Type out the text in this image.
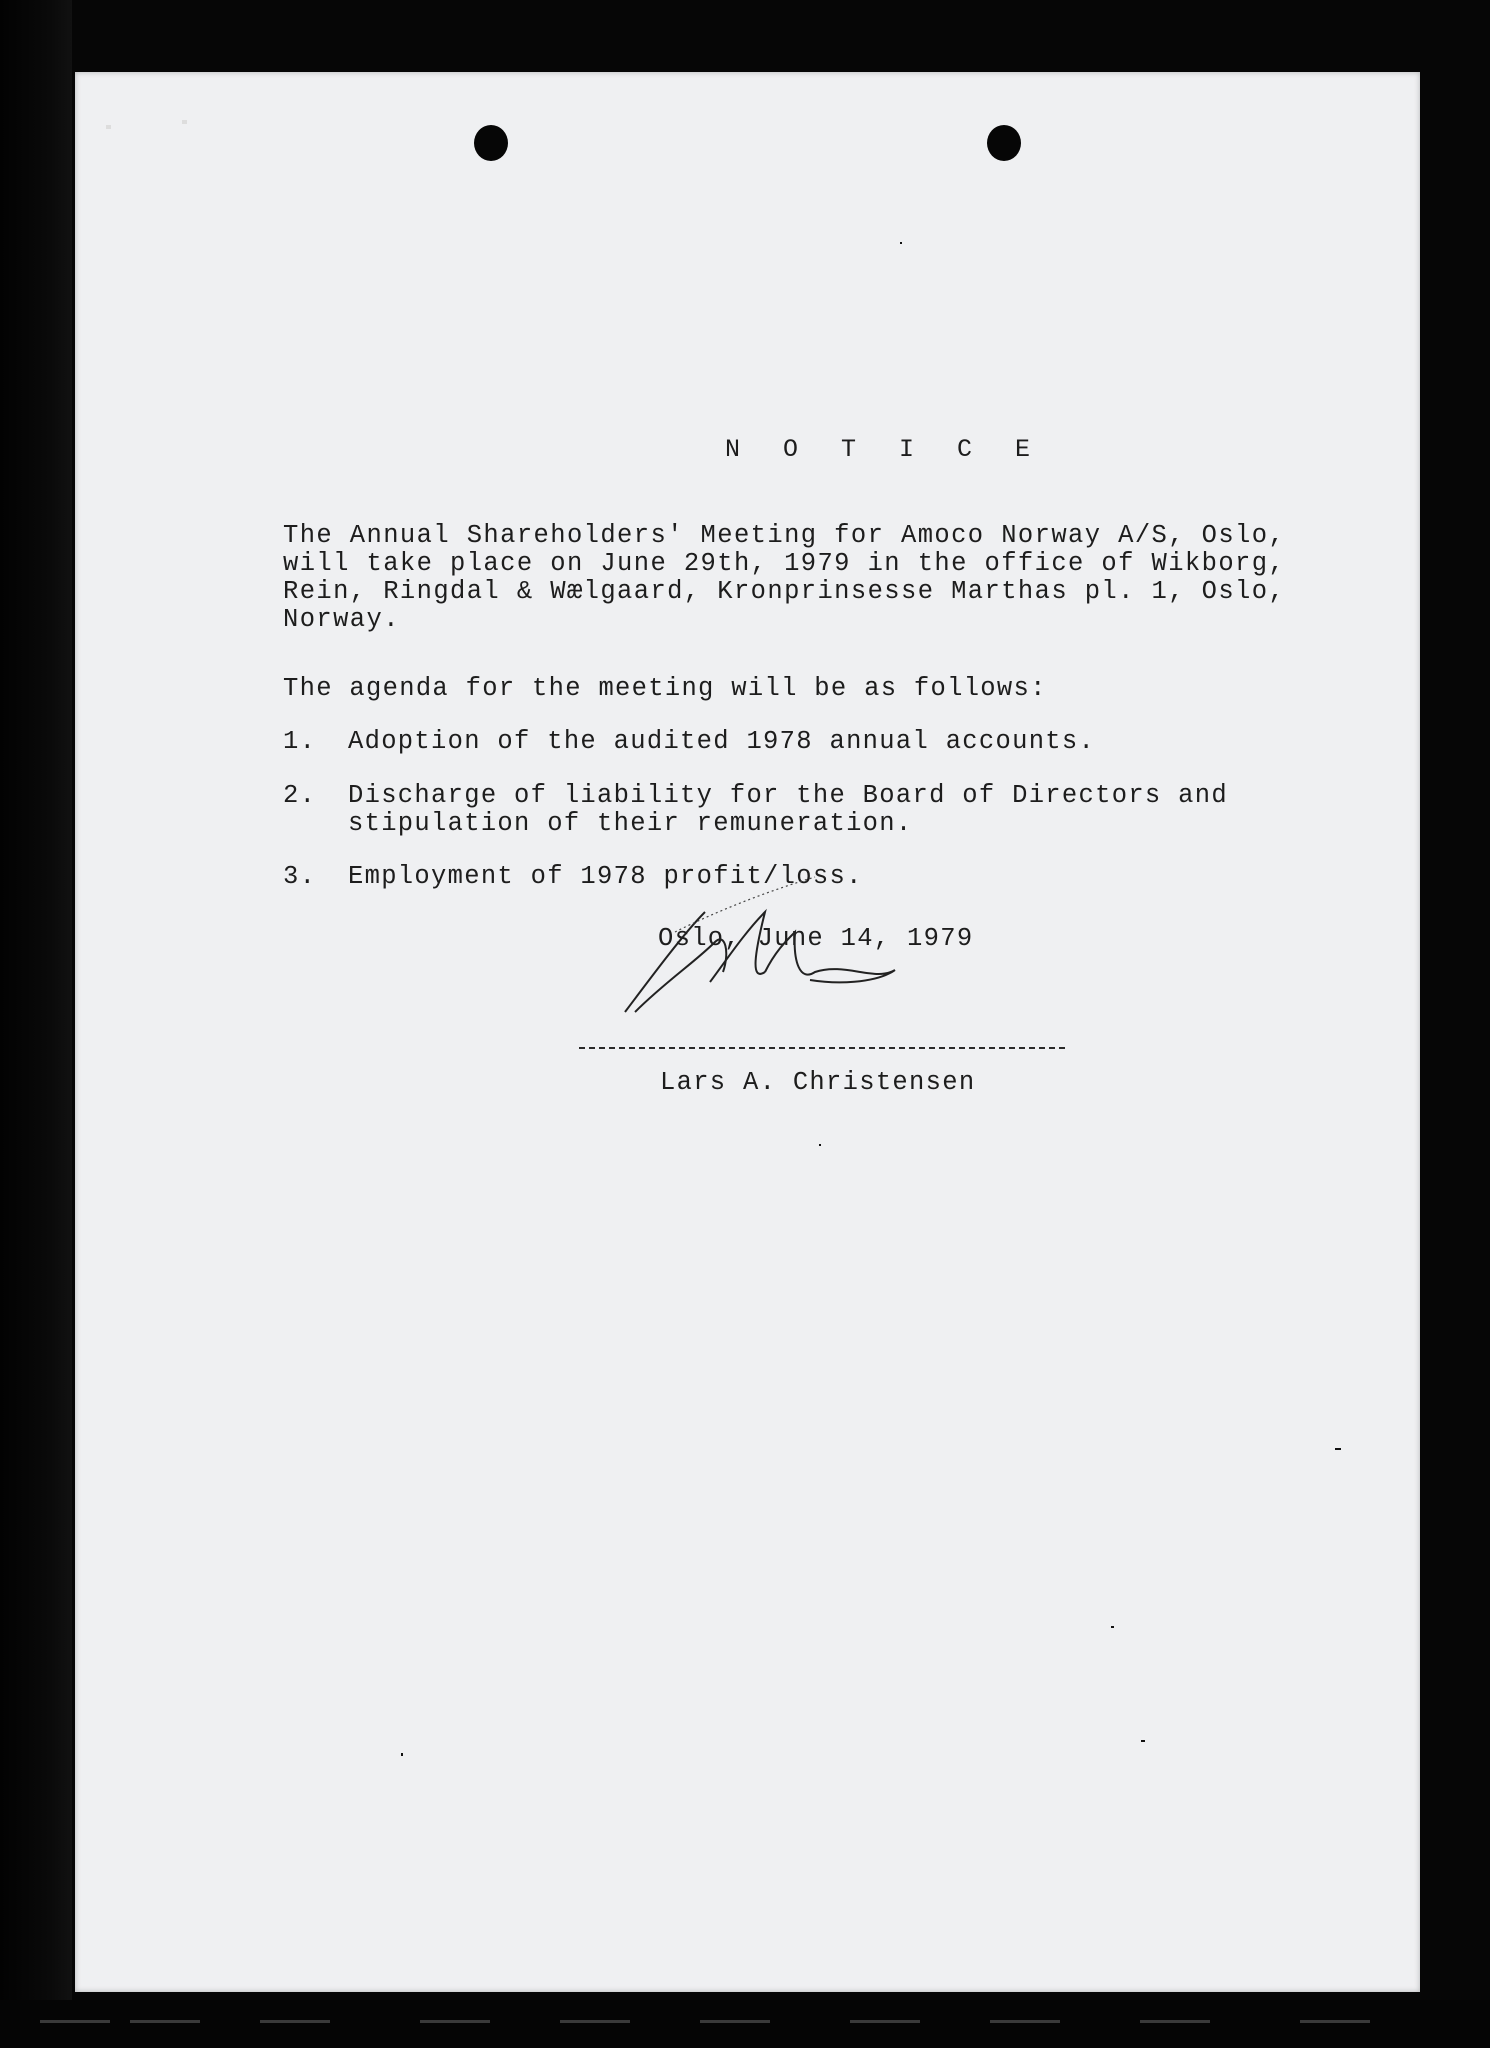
N O T I C E
The Annual Shareholders' Meeting for Amoco Norway A/S, Oslo, will take place on June 29th, 1979 in the office of Wikborg, Rein, Ringdal & Wælgaard, Kronprinsesse Marthas pl. 1, Oslo, Norway.
The agenda for the meeting will be as follows:
1. Adoption of the audited 1978 annual accounts.
2. Discharge of liability for the Board of Directors and stipulation of their remuneration.
3. Employment of 1978 profit/loss.
Oslo, June 14, 1979
Lars A. Christensen
